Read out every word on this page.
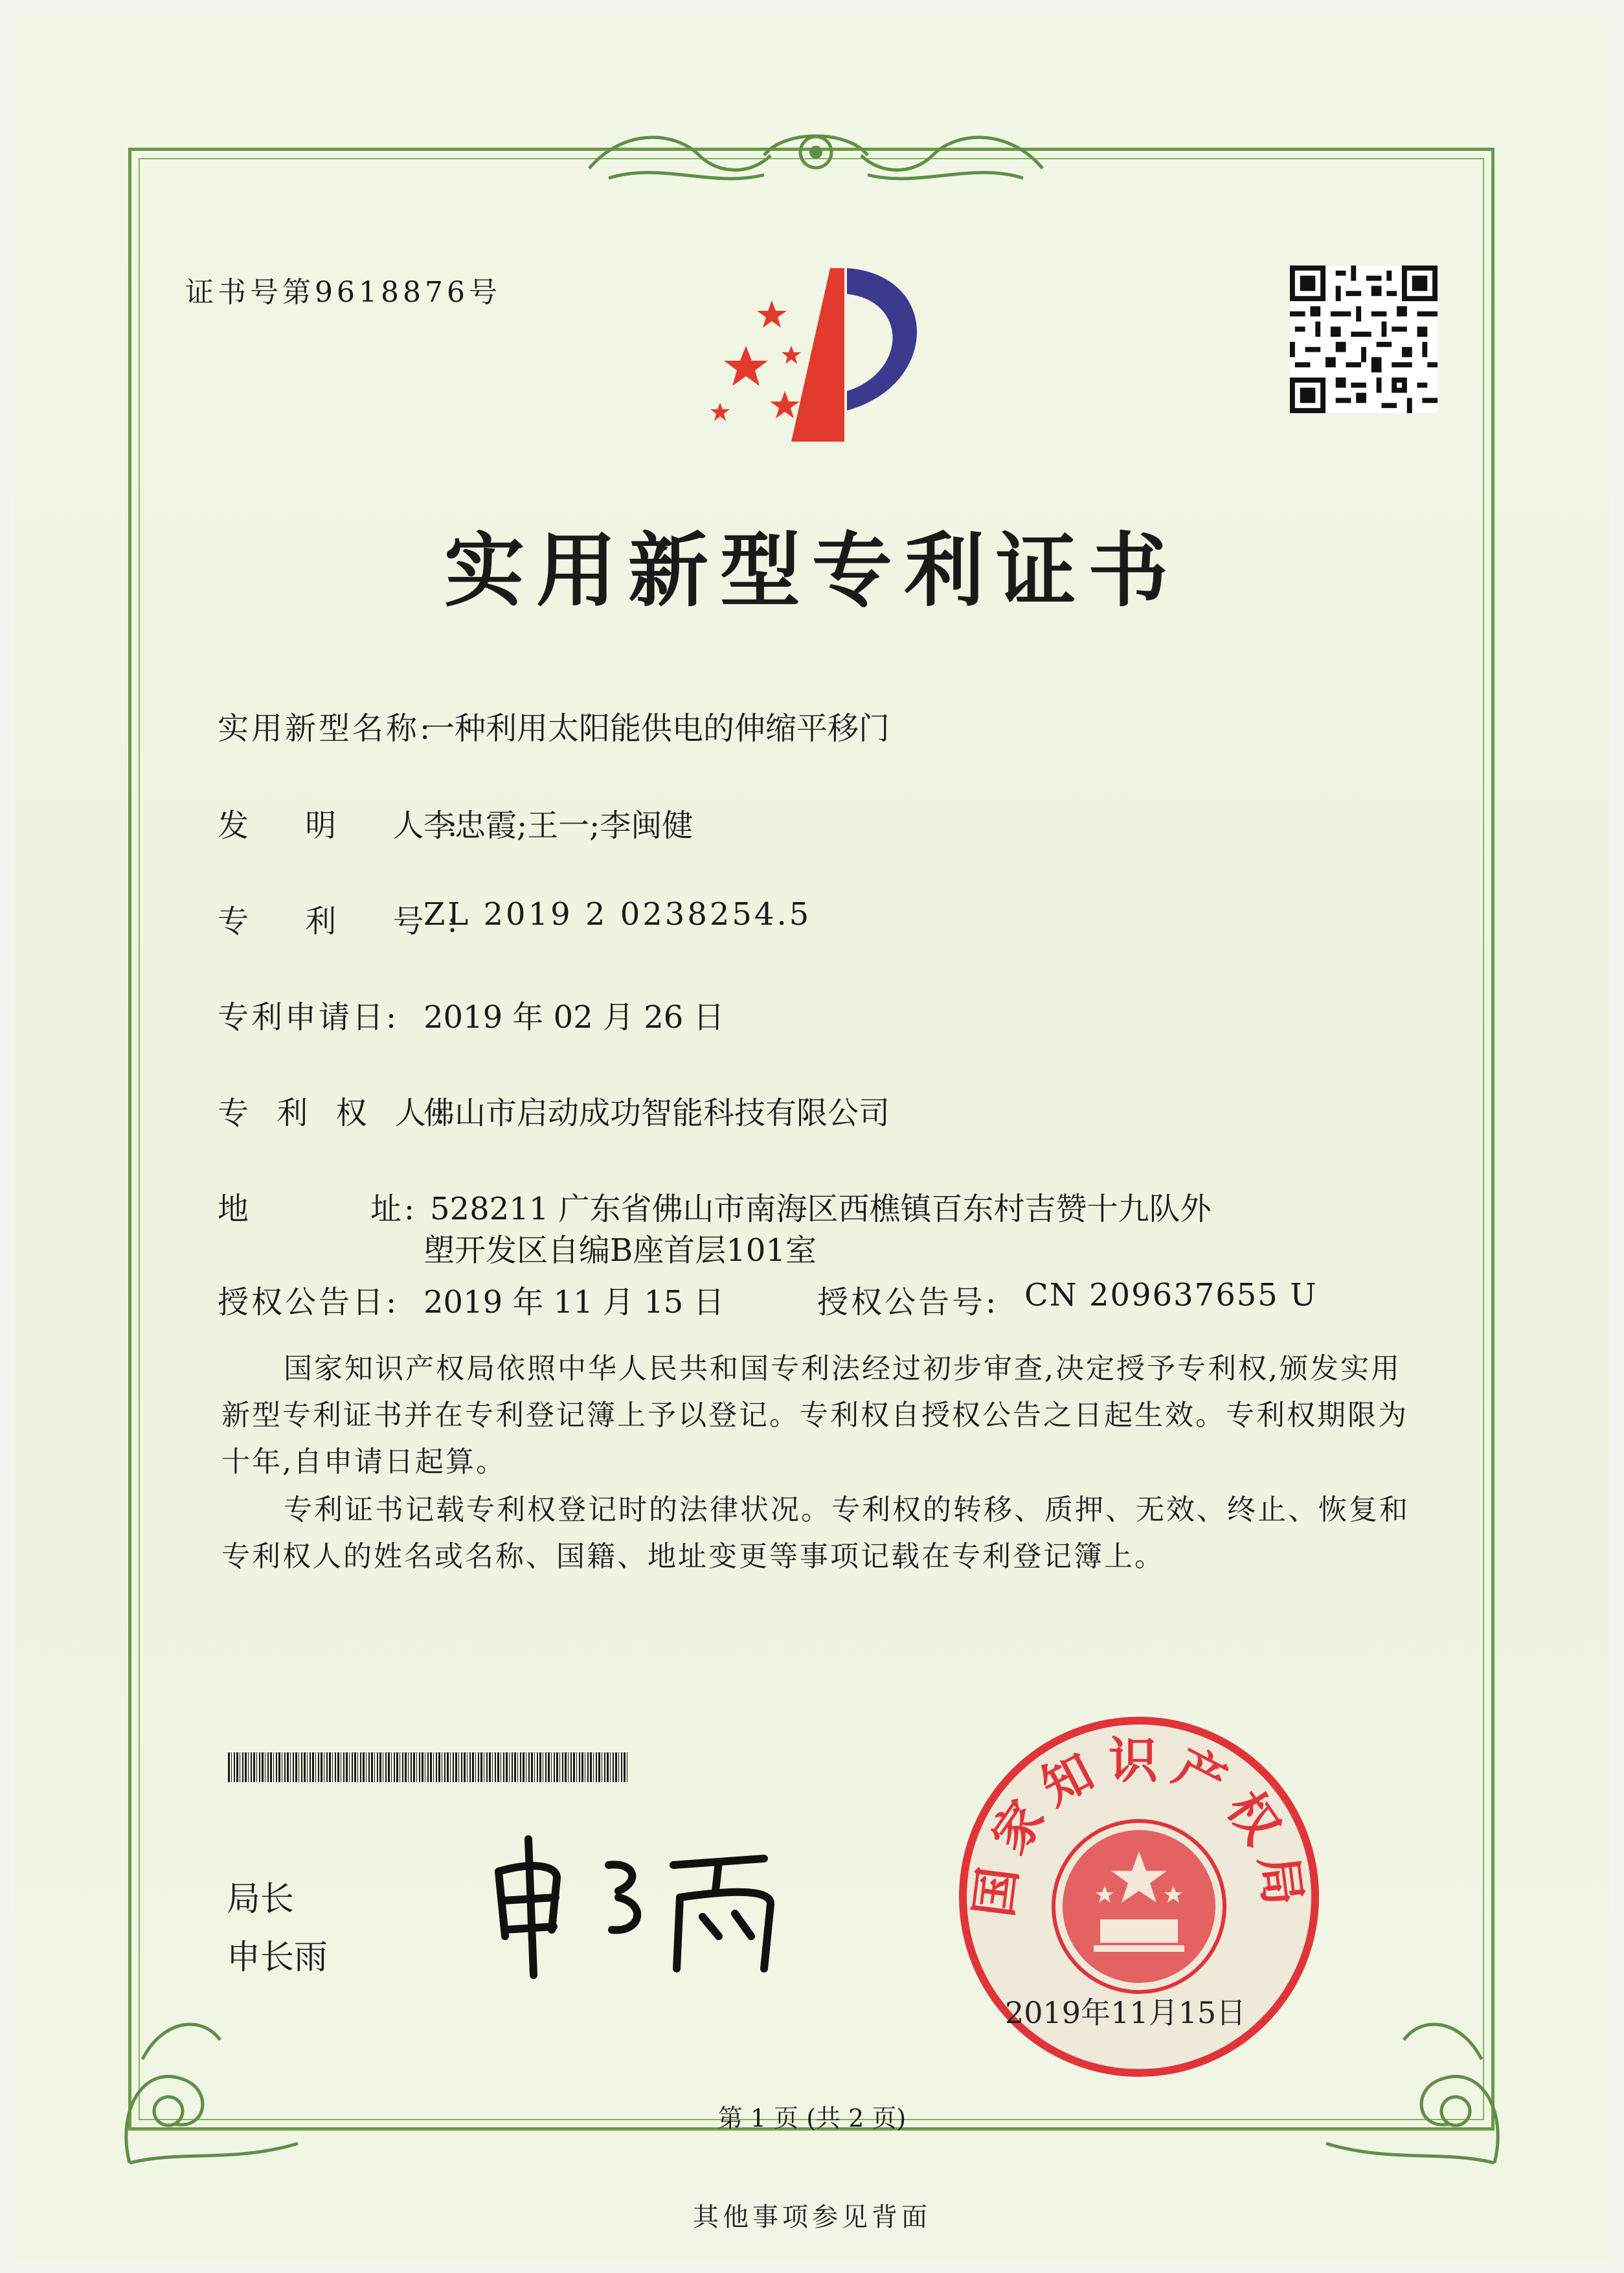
证书号第9618876号
实用新型专利证书
实用新型名称:
一种利用太阳能供电的伸缩平移门
发 明 人:
李忠霞;王一;李闽健
专 利 号:
ZL 2019 2 0238254.5
专利申请日: 2019 年 02 月 26 日
专 利 权 人:
佛山市启动成功智能科技有限公司
地	址: 528211 广东省佛山市南海区西樵镇百东村吉赞十九队外
塱开发区自编B座首层101室
授权公告日: 2019 年 11 月 15 日	授权公告号: CN 209637655 U
国家知识产权局依照中华人民共和国专利法经过初步审查,决定授予专利权,颁发实用新型专利证书并在专利登记簿上予以登记。专利权自授权公告之日起生效。专利权期限为十年,自申请日起算。
专利证书记载专利权登记时的法律状况。专利权的转移、质押、无效、终止、恢复和专利权人的姓名或名称、国籍、地址变更等事项记载在专利登记簿上。
局长
申长雨
国家知识产权局
2019年11月15日
第 1 页 (共 2 页)
其他事项参见背面
